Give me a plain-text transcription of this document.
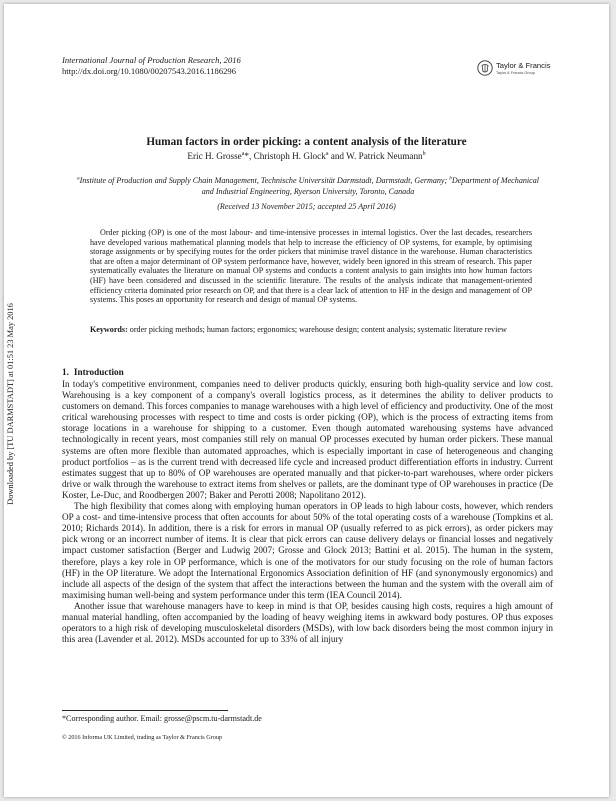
Downloaded by [TU DARMSTADT] at 01:51 23 May 2016
International Journal of Production Research, 2016
http://dx.doi.org/10.1080/00207543.2016.1186296
Taylor & Francis
Taylor & Francis Group
Human factors in order picking: a content analysis of the literature
Eric H. Grosse$^a$*, Christoph H. Glock$^a$ and W. Patrick Neumann$^b$
$^a$Institute of Production and Supply Chain Management, Technische Universität Darmstadt, Darmstadt, Germany; $^b$Department of Mechanical and Industrial Engineering, Ryerson University, Toronto, Canada
(Received 13 November 2015; accepted 25 April 2016)

Order picking (OP) is one of the most labour- and time-intensive processes in internal logistics. Over the last decades, researchers have developed various mathematical planning models that help to increase the efficiency of OP systems, for example, by optimising storage assignments or by specifying routes for the order pickers that minimise travel distance in the warehouse. Human characteristics that are often a major determinant of OP system performance have, however, widely been ignored in this stream of research. This paper systematically evaluates the literature on manual OP systems and conducts a content analysis to gain insights into how human factors (HF) have been considered and discussed in the scientific literature. The results of the analysis indicate that management-oriented efficiency criteria dominated prior research on OP, and that there is a clear lack of attention to HF in the design and management of OP systems. This poses an opportunity for research and design of manual OP systems.

Keywords: order picking methods; human factors; ergonomics; warehouse design; content analysis; systematic literature review
1. Introduction

In today's competitive environment, companies need to deliver products quickly, ensuring both high-quality service and low cost. Warehousing is a key component of a company's overall logistics process, as it determines the ability to deliver products to customers on demand. This forces companies to manage warehouses with a high level of efficiency and productivity. One of the most critical warehousing processes with respect to time and costs is order picking (OP), which is the process of extracting items from storage locations in a warehouse for shipping to a customer. Even though automated warehousing systems have advanced technologically in recent years, most companies still rely on manual OP processes executed by human order pickers. These manual systems are often more flexible than automated approaches, which is especially important in case of heterogeneous and changing product portfolios – as is the current trend with decreased life cycle and increased product differentiation efforts in industry. Current estimates suggest that up to 80% of OP warehouses are operated manually and that picker-to-part warehouses, where order pickers drive or walk through the warehouse to extract items from shelves or pallets, are the dominant type of OP warehouses in practice (De Koster, Le-Duc, and Roodbergen 2007; Baker and Perotti 2008; Napolitano 2012).

The high flexibility that comes along with employing human operators in OP leads to high labour costs, however, which renders OP a cost- and time-intensive process that often accounts for about 50% of the total operating costs of a warehouse (Tompkins et al. 2010; Richards 2014). In addition, there is a risk for errors in manual OP (usually referred to as pick errors), as order pickers may pick wrong or an incorrect number of items. It is clear that pick errors can cause delivery delays or financial losses and negatively impact customer satisfaction (Berger and Ludwig 2007; Grosse and Glock 2013; Battini et al. 2015). The human in the system, therefore, plays a key role in OP performance, which is one of the motivators for our study focusing on the role of human factors (HF) in the OP literature. We adopt the International Ergonomics Association definition of HF (and synonymously ergonomics) and include all aspects of the design of the system that affect the interactions between the human and the system with the overall aim of maximising human well-being and system performance under this term (IEA Council 2014).

Another issue that warehouse managers have to keep in mind is that OP, besides causing high costs, requires a high amount of manual material handling, often accompanied by the loading of heavy weighing items in awkward body postures. OP thus exposes operators to a high risk of developing musculoskeletal disorders (MSDs), with low back disorders being the most common injury in this area (Lavender et al. 2012). MSDs accounted for up to 33% of all injury

*Corresponding author. Email: grosse@pscm.tu-darmstadt.de
© 2016 Informa UK Limited, trading as Taylor & Francis Group
